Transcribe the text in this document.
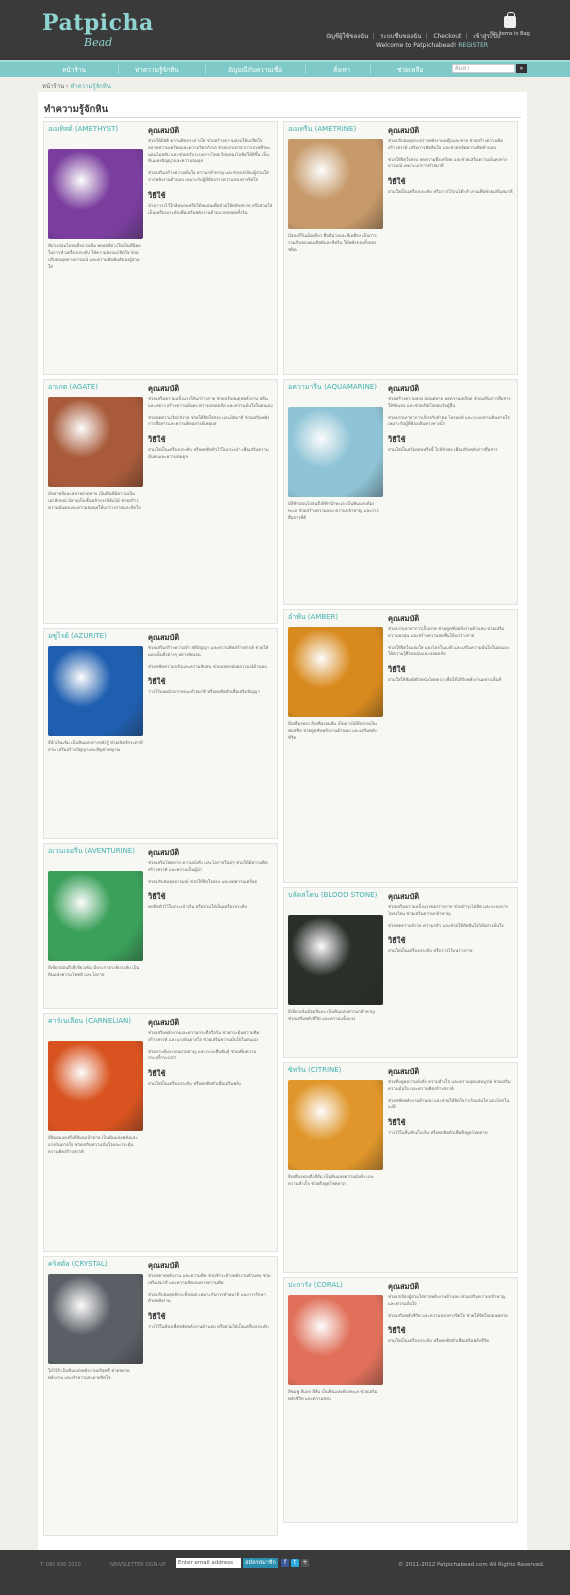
Patpicha
Bead	บัญชีผู้ใช้ของฉัน | ระบบชื่นของฉัน | Checkout | เข้าสู่ระบบ
Welcome to Patpichabead! REGISTER
No items in Bag
หน้าร้าน	ท่าความรู้จักหิน	อัญมณีกับความเชื่อ	สั่งเท่า	ช่วยเหลือ	ค้นหา	»
หน้าร้าน › ทำความรู้จักหิน
ทำความรู้จักหิน
อเมทิสต์ (AMETHYST)
ซีม่วงอ่อนไปจนถึงม่วงเข้ม พลอยสีม่วงใสเป็นที่นิยมในการทำเครื่องประดับ ให้ความสงบแก่จิตใจ ช่วยปรับสมดุลทางอารมณ์ และความสัมพันธ์ของผู้สวมใส่
คุณสมบัติ
ช่วยให้มีสติ ความคิดกระจ่างใส ช่วยสร้างความสงบให้แก่จิตใจ คลายความเครียดและความวิตกกังวล ช่วยบรรเทาอาการปวดศีรษะ นอนไม่หลับ และช่วยปรับระบบการไหลเวียนของโลหิตให้ดีขึ้น เป็นหินแห่งปัญญาและความสมดุล
ช่วยเสริมสร้างความมั่นใจ ความกล้าหาญ และช่วยปกป้องผู้สวมใส่จากพลังงานด้านลบ เหมาะกับผู้ที่ต้องการความสงบทางจิตใจ
วิธีใช้
นำมาวางไว้ใกล้หมอนหรือใต้หมอนเพื่อช่วยให้หลับสบาย หรือสวมใส่เป็นเครื่องประดับเพื่อเสริมพลังงานด้านบวกตลอดทั้งวัน
อเมทรีน (AMETRINE)
มีสองสีในเม็ดเดียว คือสีม่วงและสีเหลือง เป็นการรวมกันของอเมทิสต์และซิทริน ให้พลังของทั้งสองชนิด
คุณสมบัติ
ช่วยปรับสมดุลระหว่างพลังงานหญิงและชาย ช่วยสร้างความคิดสร้างสรรค์ เสริมการตัดสินใจ และช่วยขจัดความคิดด้านลบ
ช่วยให้จิตใจสงบ ลดความตึงเครียด และช่วยเสริมความมั่นคงทางอารมณ์ เหมาะแก่การทำสมาธิ
วิธีใช้
สวมใส่เป็นเครื่องประดับ หรือวางไว้บนโต๊ะทำงานเพื่อช่วยเสริมสมาธิ
อาเกต (AGATE)
มีหลายสีและหลายลวดลาย เป็นหินที่มีความเป็นเอกลักษณ์ มีลายเป็นชั้นคล้ายวงปีต้นไม้ ช่วยสร้างความมั่นคงและความสมดุลให้แก่ร่างกายและจิตใจ
คุณสมบัติ
ช่วยเสริมความแข็งแรงให้แก่ร่างกาย ช่วยปรับสมดุลพลังงาน หยินและหยาง สร้างความมั่นคง ความปลอดภัย และความมั่นใจในตนเอง
ช่วยลดความวิตกกังวล ช่วยให้จิตใจสงบ และมีสมาธิ ช่วยเสริมพลังการสื่อสารและความคิดอย่างมีเหตุผล
วิธีใช้
สวมใส่เป็นเครื่องประดับ หรือพกติดตัวไว้ในกระเป๋า เพื่อเสริมความมั่นคงและความสมดุล
อความารีน (AQUAMARINE)
มีสีฟ้าอ่อนไปจนถึงสีฟ้าน้ำทะเล เป็นหินแห่งท้องทะเล ช่วยสร้างความสงบ ความกล้าหาญ และการสื่อสารที่ดี
คุณสมบัติ
ช่วยสร้างความสงบ ผ่อนคลาย ลดความเครียด ช่วยเสริมการสื่อสารให้ชัดเจน และช่วยเปิดใจยอมรับผู้อื่น
ช่วยบรรเทาอาการเกี่ยวกับลำคอ ไทรอยด์ และระบบทางเดินหายใจ เหมาะกับผู้ที่ต้องเดินทางทางน้ำ
วิธีใช้
สวมใส่เป็นสร้อยคอหรือจี้ ใกล้ลำคอ เพื่อเสริมพลังการสื่อสาร
อซูไรต์ (AZURITE)
สีน้ำเงินเข้ม เป็นหินแห่งการหยั่งรู้ ช่วยเปิดจักระตาที่สาม เสริมสร้างปัญญาและสัญชาตญาณ
คุณสมบัติ
ช่วยเสริมสร้างความจำ สติปัญญา และความคิดสร้างสรรค์ ช่วยให้มองเห็นสิ่งต่างๆ อย่างชัดเจน
ช่วยขจัดความกลัวและความสับสน ช่วยปลดปล่อยอารมณ์ด้านลบ
วิธีใช้
วางไว้บนหน้าผากขณะทำสมาธิ หรือพกติดตัวเพื่อเสริมปัญญา
อำพัน (AMBER)
สีเหลืองทอง สีเหลืองอมส้ม เป็นยางไม้ที่กลายเป็นฟอสซิล ช่วยดูดซับพลังงานด้านลบ และเสริมพลังชีวิต
คุณสมบัติ
ช่วยบรรเทาอาการเจ็บปวด ช่วยดูดซับพลังงานด้านลบ ช่วยเสริมความอบอุ่น และสร้างความสดชื่นให้แก่ร่างกาย
ช่วยให้จิตใจแจ่มใส มองโลกในแง่ดี และเสริมความมั่นใจในตนเอง ให้ความรู้สึกอบอุ่นและปลอดภัย
วิธีใช้
สวมใส่ให้สัมผัสผิวหนังโดยตรง เพื่อให้ได้รับพลังงานอย่างเต็มที่
อเวนเจอรีน (AVENTURINE)
สีเขียวอ่อนถึงสีเขียวเข้ม มีประกายระยิบระยับ เป็นหินแห่งความโชคดี และโอกาส
คุณสมบัติ
ช่วยเสริมโชคลาภ ความมั่งคั่ง และโอกาสใหม่ๆ ช่วยให้มีความคิดสร้างสรรค์ และความเป็นผู้นำ
ช่วยปรับสมดุลอารมณ์ ช่วยให้จิตใจสงบ และลดความเครียด
วิธีใช้
พกติดตัวไว้ในกระเป๋าเงิน หรือสวมใส่เป็นเครื่องประดับ
บลัดสโตน (BLOOD STONE)
สีเขียวเข้มมีจุดสีแดง เป็นหินแห่งความกล้าหาญ ช่วยเสริมพลังชีวิต และความแข็งแรง
คุณสมบัติ
ช่วยเสริมความแข็งแรงของร่างกาย ช่วยบำรุงโลหิต และระบบการไหลเวียน ช่วยเสริมความกล้าหาญ
ช่วยลดความกังวล ความกลัว และช่วยให้ตัดสินใจได้อย่างมั่นใจ
วิธีใช้
สวมใส่เป็นเครื่องประดับ หรือวางไว้บนร่างกาย
คาร์เนเลียน (CARNELIAN)
สีส้มอมแดงถึงสีส้มอมน้ำตาล เป็นหินแห่งพลังและแรงบันดาลใจ ช่วยเสริมความมั่นใจและกระตุ้นความคิดสร้างสรรค์
คุณสมบัติ
ช่วยเสริมพลังงานและความกระตือรือร้น ช่วยกระตุ้นความคิดสร้างสรรค์ และแรงบันดาลใจ ช่วยเสริมความมั่นใจในตนเอง
ช่วยกระตุ้นระบบเผาผลาญ และระบบสืบพันธุ์ ช่วยเพิ่มความกระปรี้กระเปร่า
วิธีใช้
สวมใส่เป็นเครื่องประดับ หรือพกติดตัวเพื่อเสริมพลัง
ซิทริน (CITRINE)
สีเหลืองทองถึงสีส้ม เป็นหินแห่งความมั่งคั่ง และความสำเร็จ ช่วยดึงดูดโชคลาภ
คุณสมบัติ
ช่วยดึงดูดความมั่งคั่ง ความสำเร็จ และความอุดมสมบูรณ์ ช่วยเสริมความมั่นใจ และความคิดสร้างสรรค์
ช่วยขจัดพลังงานด้านลบ และช่วยให้จิตใจร่าเริงแจ่มใส มองโลกในแง่ดี
วิธีใช้
วางไว้ในลิ้นชักเก็บเงิน หรือพกติดตัวเพื่อดึงดูดโชคลาภ
คริสตัล (CRYSTAL)
ใสไร้สี เป็นหินแห่งพลังงานบริสุทธิ์ ช่วยขยายพลังงาน และทำความสะอาดจิตใจ
คุณสมบัติ
ช่วยขยายพลังงาน และความคิด ช่วยชำระล้างพลังงานด้านลบ ช่วยเสริมสมาธิ และความชัดเจนทางความคิด
ช่วยปรับสมดุลจักระทั้งหมด เหมาะกับการทำสมาธิ และการรักษาด้วยพลังงาน
วิธีใช้
วางไว้ในห้องเพื่อขจัดพลังงานด้านลบ หรือสวมใส่เป็นเครื่องประดับ
ปะการัง (CORAL)
สีชมพู สีแดง สีส้ม เป็นหินแห่งท้องทะเล ช่วยเสริมพลังชีวิต และความสงบ
คุณสมบัติ
ช่วยปกป้องผู้สวมใส่จากพลังงานด้านลบ ช่วยเสริมความกล้าหาญ และความมั่นใจ
ช่วยเสริมพลังชีวิต และความสงบทางจิตใจ ช่วยให้จิตใจผ่อนคลาย
วิธีใช้
สวมใส่เป็นเครื่องประดับ หรือพกติดตัวเพื่อเสริมพลังชีวิต
T: 080 830 2020	NEWSLETTER SIGN-UP	Enter email address	สมัครสมาชิก	f	t	+	© 2011-2012 Patpichabead.com All Rights Reserved.
